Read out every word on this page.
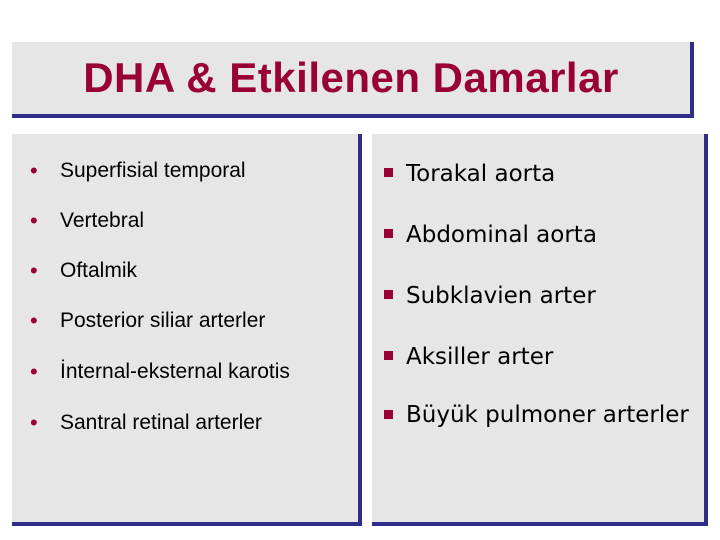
DHA & Etkilenen Damarlar
• Superfisial temporal
• Vertebral
• Oftalmik
• Posterior siliar arterler
• İnternal-eksternal karotis
• Santral retinal arterler
Torakal aorta
Abdominal aorta
Subklavien arter
Aksiller arter
Büyük pulmoner arterler
